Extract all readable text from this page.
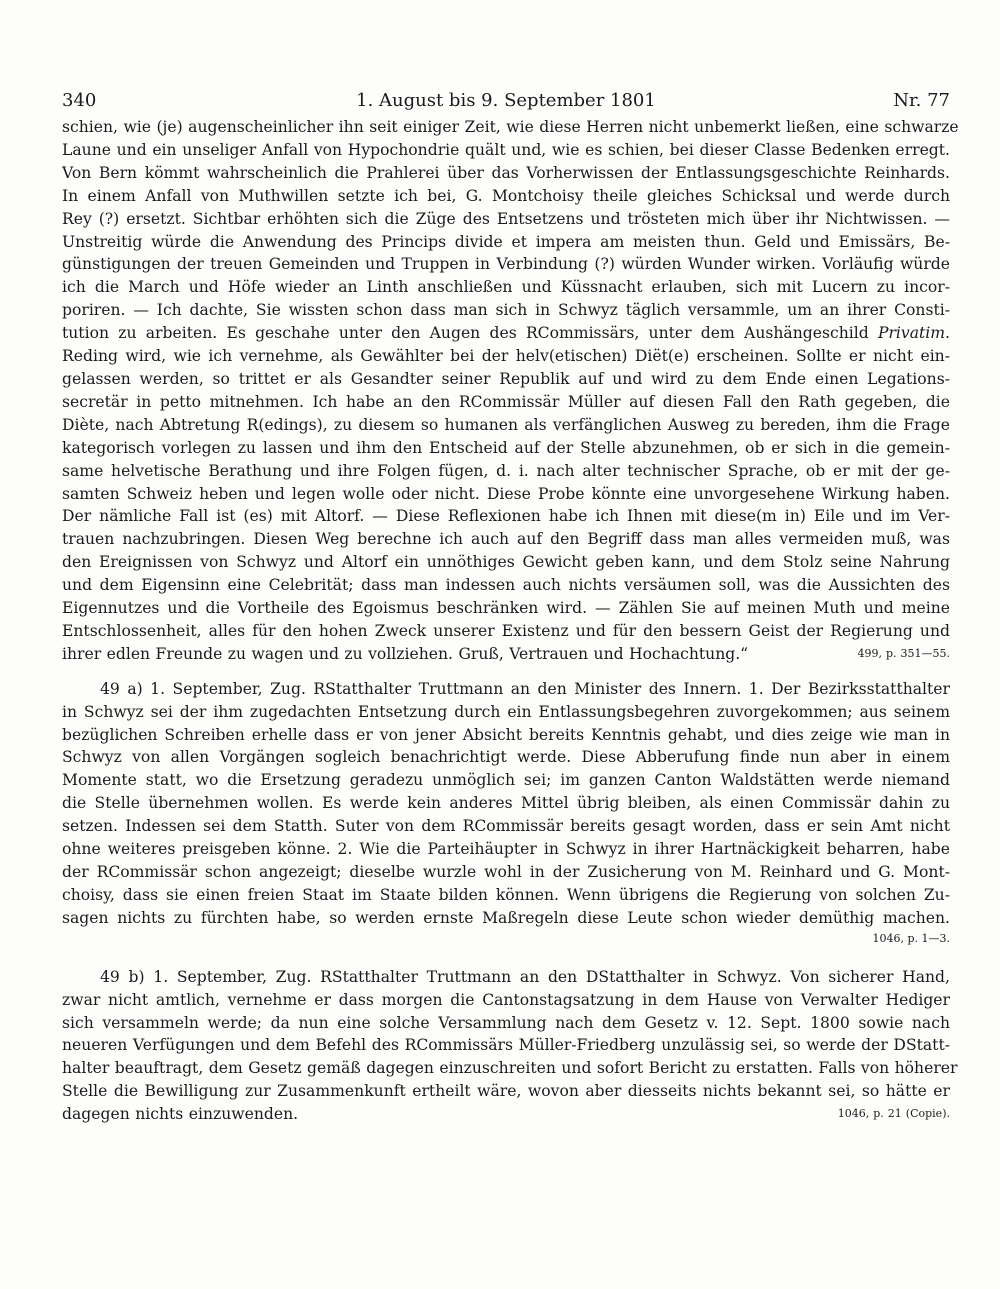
340	1. August bis 9. September 1801	Nr. 77
schien, wie (je) augenscheinlicher ihn seit einiger Zeit, wie diese Herren nicht unbemerkt ließen, eine schwarze
Laune und ein unseliger Anfall von Hypochondrie quält und, wie es schien, bei dieser Classe Bedenken erregt.
Von Bern kömmt wahrscheinlich die Prahlerei über das Vorherwissen der Entlassungsgeschichte Reinhards.
In einem Anfall von Muthwillen setzte ich bei, G. Montchoisy theile gleiches Schicksal und werde durch
Rey (?) ersetzt. Sichtbar erhöhten sich die Züge des Entsetzens und trösteten mich über ihr Nichtwissen. —
Unstreitig würde die Anwendung des Princips divide et impera am meisten thun. Geld und Emissärs, Be-
günstigungen der treuen Gemeinden und Truppen in Verbindung (?) würden Wunder wirken. Vorläufig würde
ich die March und Höfe wieder an Linth anschließen und Küssnacht erlauben, sich mit Lucern zu incor-
poriren. — Ich dachte, Sie wissten schon dass man sich in Schwyz täglich versammle, um an ihrer Consti-
tution zu arbeiten. Es geschahe unter den Augen des RCommissärs, unter dem Aushängeschild Privatim.
Reding wird, wie ich vernehme, als Gewählter bei der helv(etischen) Diët(e) erscheinen. Sollte er nicht ein-
gelassen werden, so trittet er als Gesandter seiner Republik auf und wird zu dem Ende einen Legations-
secretär in petto mitnehmen. Ich habe an den RCommissär Müller auf diesen Fall den Rath gegeben, die
Diète, nach Abtretung R(edings), zu diesem so humanen als verfänglichen Ausweg zu bereden, ihm die Frage
kategorisch vorlegen zu lassen und ihm den Entscheid auf der Stelle abzunehmen, ob er sich in die gemein-
same helvetische Berathung und ihre Folgen fügen, d. i. nach alter technischer Sprache, ob er mit der ge-
samten Schweiz heben und legen wolle oder nicht. Diese Probe könnte eine unvorgesehene Wirkung haben.
Der nämliche Fall ist (es) mit Altorf. — Diese Reflexionen habe ich Ihnen mit diese(m in) Eile und im Ver-
trauen nachzubringen. Diesen Weg berechne ich auch auf den Begriff dass man alles vermeiden muß, was
den Ereignissen von Schwyz und Altorf ein unnöthiges Gewicht geben kann, und dem Stolz seine Nahrung
und dem Eigensinn eine Celebrität; dass man indessen auch nichts versäumen soll, was die Aussichten des
Eigennutzes und die Vortheile des Egoismus beschränken wird. — Zählen Sie auf meinen Muth und meine
Entschlossenheit, alles für den hohen Zweck unserer Existenz und für den bessern Geist der Regierung und
ihrer edlen Freunde zu wagen und zu vollziehen. Gruß, Vertrauen und Hochachtung.“	499, p. 351—55.
49 a) 1. September, Zug. RStatthalter Truttmann an den Minister des Innern. 1. Der Bezirksstatthalter
in Schwyz sei der ihm zugedachten Entsetzung durch ein Entlassungsbegehren zuvorgekommen; aus seinem
bezüglichen Schreiben erhelle dass er von jener Absicht bereits Kenntnis gehabt, und dies zeige wie man in
Schwyz von allen Vorgängen sogleich benachrichtigt werde. Diese Abberufung finde nun aber in einem
Momente statt, wo die Ersetzung geradezu unmöglich sei; im ganzen Canton Waldstätten werde niemand
die Stelle übernehmen wollen. Es werde kein anderes Mittel übrig bleiben, als einen Commissär dahin zu
setzen. Indessen sei dem Statth. Suter von dem RCommissär bereits gesagt worden, dass er sein Amt nicht
ohne weiteres preisgeben könne. 2. Wie die Parteihäupter in Schwyz in ihrer Hartnäckigkeit beharren, habe
der RCommissär schon angezeigt; dieselbe wurzle wohl in der Zusicherung von M. Reinhard und G. Mont-
choisy, dass sie einen freien Staat im Staate bilden können. Wenn übrigens die Regierung von solchen Zu-
sagen nichts zu fürchten habe, so werden ernste Maßregeln diese Leute schon wieder demüthig machen.
1046, p. 1—3.
49 b) 1. September, Zug. RStatthalter Truttmann an den DStatthalter in Schwyz. Von sicherer Hand,
zwar nicht amtlich, vernehme er dass morgen die Cantonstagsatzung in dem Hause von Verwalter Hediger
sich versammeln werde; da nun eine solche Versammlung nach dem Gesetz v. 12. Sept. 1800 sowie nach
neueren Verfügungen und dem Befehl des RCommissärs Müller-Friedberg unzulässig sei, so werde der DStatt-
halter beauftragt, dem Gesetz gemäß dagegen einzuschreiten und sofort Bericht zu erstatten. Falls von höherer
Stelle die Bewilligung zur Zusammenkunft ertheilt wäre, wovon aber diesseits nichts bekannt sei, so hätte er
dagegen nichts einzuwenden.	1046, p. 21 (Copie).
